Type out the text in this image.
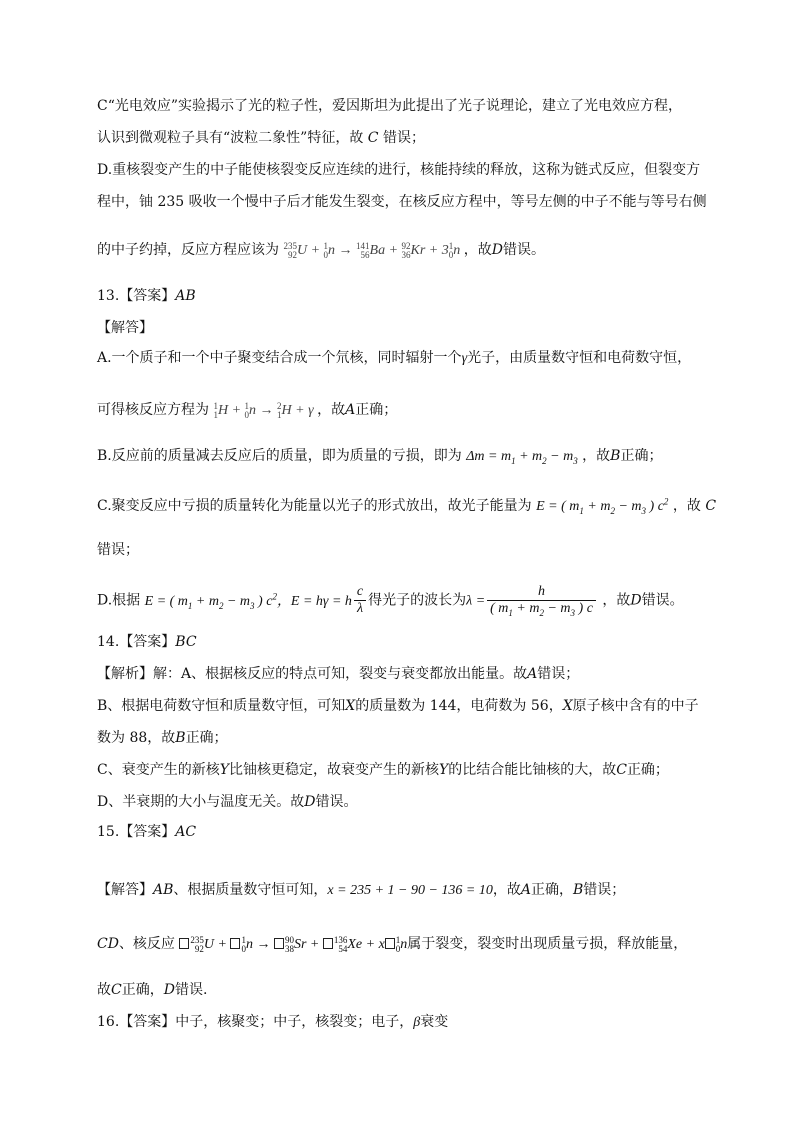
C“光电效应”实验揭示了光的粒子性，爱因斯坦为此提出了光子说理论，建立了光电效应方程，
认识到微观粒子具有“波粒二象性”特征，故 C 错误；
D.重核裂变产生的中子能使核裂变反应连续的进行，核能持续的释放，这称为链式反应，但裂变方
程中，铀 235 吸收一个慢中子后才能发生裂变，在核反应方程中，等号左侧的中子不能与等号右侧
的中子约掉，反应方程应该为 235
92 U + 1
0 n → 141
56 Ba + 92
36 Kr + 3 1
0 n ，故D错误。
13.【答案】AB
【解答】
A.一个质子和一个中子聚变结合成一个氘核，同时辐射一个γ光子，由质量数守恒和电荷数守恒，
可得核反应方程为 1
1 H + 1
0 n → 2
1 H + γ ，故A正确；
B.反应前的质量减去反应后的质量，即为质量的亏损，即为 $\Delta m = m_1 + m_2 - m_3$ ，故B正确；
C.聚变反应中亏损的质量转化为能量以光子的形式放出，故光子能量为 E = ( $m_1 + m_2 - m_3$ ) $c^2$ ，故 C
错误；
D.根据 E = ( $m_1 + m_2 - m_3$ ) $c^2$，E = hγ = h $\frac{c}{\lambda}$ 得光子的波长为$\lambda = \frac{h}{( m_1 + m_2 - m_3 ) c}$ ，故D错误。
14.【答案】BC
【解析】解：A、根据核反应的特点可知，裂变与衰变都放出能量。故A错误；
B、根据电荷数守恒和质量数守恒，可知X的质量数为 144，电荷数为 56，X原子核中含有的中子
数为 88，故B正确；
C、衰变产生的新核Y比铀核更稳定，故衰变产生的新核Y的比结合能比铀核的大，故C正确；
D、半衰期的大小与温度无关。故D错误。
15.【答案】AC
【解答】AB、根据质量数守恒可知，x = 235 + 1 − 90 − 136 = 10，故A正确，B错误；
CD、核反应 235
92 U + 1
0 n → 90
38 Sr + 136
54 Xe + x 1
0 n属于裂变，裂变时出现质量亏损，释放能量，
故C正确，D错误.
16.【答案】中子，核聚变；中子，核裂变；电子，β衰变
